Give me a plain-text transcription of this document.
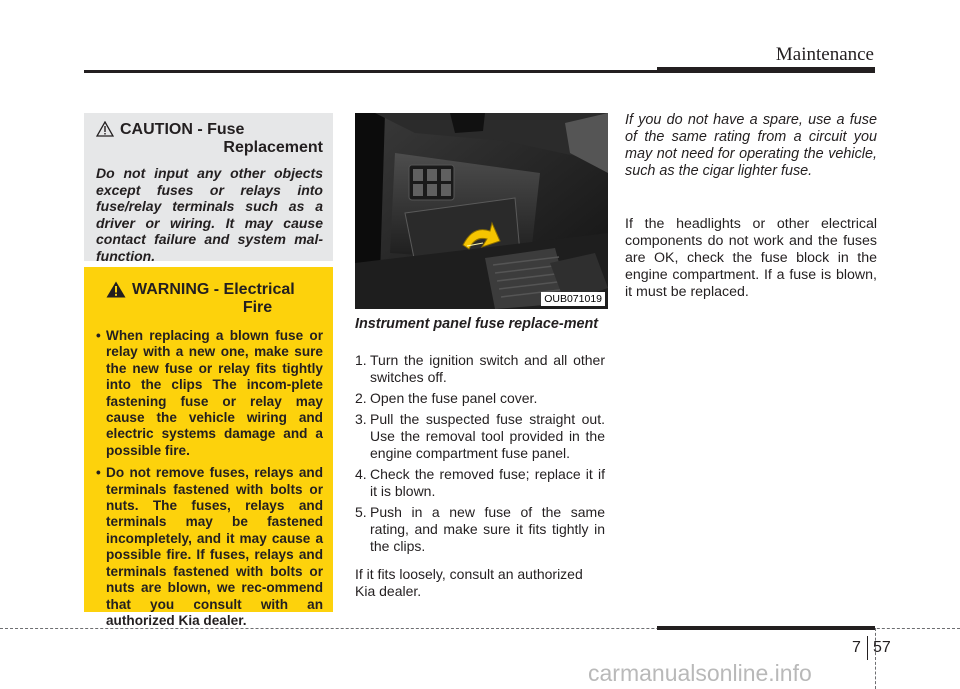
Maintenance
CAUTION - Fuse
Replacement
Do not input any other objects except fuses or relays into fuse/relay terminals such as a driver or wiring. It may cause contact failure and system mal-function.
WARNING - Electrical
Fire
• When replacing a blown fuse or relay with a new one, make sure the new fuse or relay fits tightly into the clips The incom-plete fastening fuse or relay may cause the vehicle wiring and electric systems damage and a possible fire.
• Do not remove fuses, relays and terminals fastened with bolts or nuts. The fuses, relays and terminals may be fastened incompletely, and it may cause a possible fire. If fuses, relays and terminals fastened with bolts or nuts are blown, we rec-ommend that you consult with an authorized Kia dealer.
OUB071019
Instrument panel fuse replace-ment
1. Turn the ignition switch and all other switches off.
2. Open the fuse panel cover.
3. Pull the suspected fuse straight out. Use the removal tool provided in the engine compartment fuse panel.
4. Check the removed fuse; replace it if it is blown.
5. Push in a new fuse of the same rating, and make sure it fits tightly in the clips.
If it fits loosely, consult an authorized Kia dealer.
If you do not have a spare, use a fuse of the same rating from a circuit you may not need for operating the vehicle, such as the cigar lighter fuse.
If the headlights or other electrical components do not work and the fuses are OK, check the fuse block in the engine compartment. If a fuse is blown, it must be replaced.
7 57
carmanualsonline.info
